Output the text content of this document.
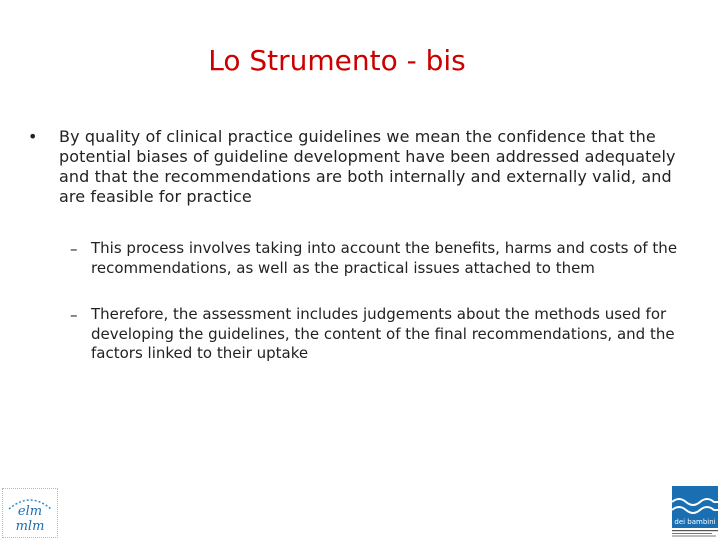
Lo Strumento - bis
•	By quality of clinical practice guidelines we mean the confidence that the potential biases of guideline development have been addressed adequately and that the recommendations are both internally and externally valid, and are feasible for practice
– This process involves taking into account the benefits, harms and costs of the recommendations, as well as the practical issues attached to them
– Therefore, the assessment includes judgements about the methods used for developing the guidelines, the content of the final recommendations, and the factors linked to their uptake
elm
mlm	dei bambini
